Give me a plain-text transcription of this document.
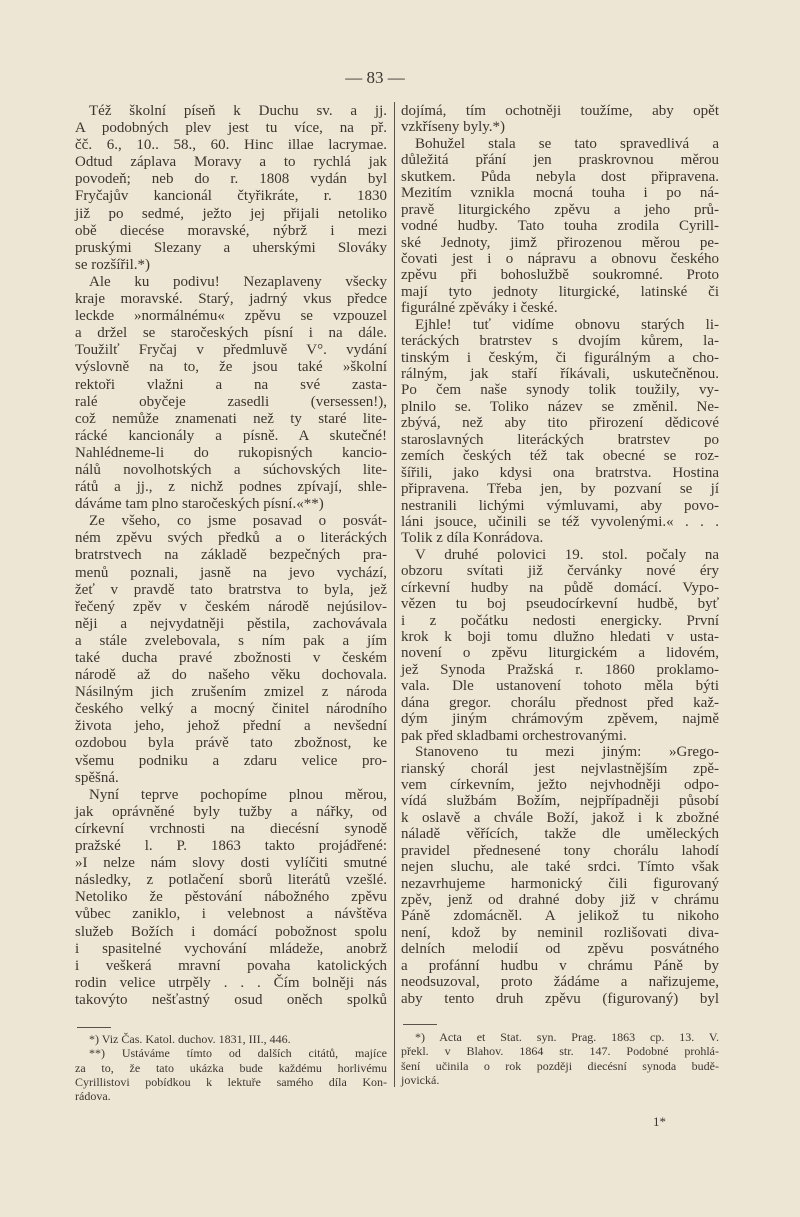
— 83 —
Též školní píseň k Duchu sv. a jj.
A podobných plev jest tu více, na př.
čč. 6., 10.. 58., 60. Hinc illae lacrymae.
Odtud záplava Moravy a to rychlá jak
povodeň; neb do r. 1808 vydán byl
Fryčajův kancionál čtyřikráte, r. 1830
již po sedmé, ježto jej přijali netoliko
obě diecése moravské, nýbrž i mezi
pruskými Slezany a uherskými Slováky
se rozšířil.*)
Ale ku podivu! Nezaplaveny všecky
kraje moravské. Starý, jadrný vkus předce
leckde »normálnému« zpěvu se vzpouzel
a držel se staročeských písní i na dále.
Toužilť Fryčaj v předmluvě V°. vydání
výslovně na to, že jsou také »školní
rektoři vlažni a na své zasta-
ralé obyčeje zasedli (versessen!),
což nemůže znamenati než ty staré lite-
rácké kancionály a písně. A skutečné!
Nahlédneme-li do rukopisných kancio-
nálů novolhotských a súchovských lite-
rátů a jj., z nichž podnes zpívají, shle-
dáváme tam plno staročeských písní.«**)
Ze všeho, co jsme posavad o posvát-
ném zpěvu svých předků a o literáckých
bratrstvech na základě bezpečných pra-
menů poznali, jasně na jevo vychází,
žeť v pravdě tato bratrstva to byla, jež
řečený zpěv v českém národě nejúsilov-
něji a nejvydatněji pěstila, zachovávala
a stále zvelebovala, s ním pak a jím
také ducha pravé zbožnosti v českém
národě až do našeho věku dochovala.
Násilným jich zrušením zmizel z národa
českého velký a mocný činitel národního
života jeho, jehož přední a nevšední
ozdobou byla právě tato zbožnost, ke
všemu podniku a zdaru velice pro-
spěšná.
Nyní teprve pochopíme plnou měrou,
jak oprávněné byly tužby a nářky, od
církevní vrchnosti na diecésní synodě
pražské l. P. 1863 takto projádřené:
»I nelze nám slovy dosti vylíčiti smutné
následky, z potlačení sborů literátů vzešlé.
Netoliko že pěstování nábožného zpěvu
vůbec zaniklo, i velebnost a návštěva
služeb Božích i domácí pobožnost spolu
i spasitelné vychování mládeže, anobrž
i veškerá mravní povaha katolických
rodin velice utrpěly . . . Čím bolněji nás
takovýto nešťastný osud oněch spolků
dojímá, tím ochotněji toužíme, aby opět
vzkříseny byly.*)
Bohužel stala se tato spravedlivá a
důležitá přání jen praskrovnou měrou
skutkem. Půda nebyla dost připravena.
Mezitím vznikla mocná touha i po ná-
pravě liturgického zpěvu a jeho prů-
vodné hudby. Tato touha zrodila Cyrill-
ské Jednoty, jimž přirozenou měrou pe-
čovati jest i o nápravu a obnovu českého
zpěvu při bohoslužbě soukromné. Proto
mají tyto jednoty liturgické, latinské či
figurálné zpěváky i české.
Ejhle! tuť vidíme obnovu starých li-
teráckých bratrstev s dvojím kůrem, la-
tinským i českým, či figurálným a cho-
rálným, jak staří říkávali, uskutečněnou.
Po čem naše synody tolik toužily, vy-
plnilo se. Toliko název se změnil. Ne-
zbývá, než aby tito přirození dědicové
staroslavných literáckých bratrstev po
zemích českých též tak obecné se roz-
šířili, jako kdysi ona bratrstva. Hostina
připravena. Třeba jen, by pozvaní se jí
nestranili lichými výmluvami, aby povo-
láni jsouce, učinili se též vyvolenými.« . . .
Tolik z díla Konrádova.
V druhé polovici 19. stol. počaly na
obzoru svítati již červánky nové éry
církevní hudby na půdě domácí. Vypo-
vězen tu boj pseudocírkevní hudbě, byť
i z počátku nedosti energicky. První
krok k boji tomu dlužno hledati v usta-
novení o zpěvu liturgickém a lidovém,
jež Synoda Pražská r. 1860 proklamo-
vala. Dle ustanovení tohoto měla býti
dána gregor. chorálu přednost před kaž-
dým jiným chrámovým zpěvem, najmě
pak před skladbami orchestrovanými.
Stanoveno tu mezi jiným: »Grego-
rianský chorál jest nejvlastnějším zpě-
vem církevním, ježto nejvhodněji odpo-
vídá službám Božím, nejpřípadněji působí
k oslavě a chvále Boží, jakož i k zbožné
náladě věřících, takže dle uměleckých
pravidel přednesené tony chorálu lahodí
nejen sluchu, ale také srdci. Tímto však
nezavrhujeme harmonický čili figurovaný
zpěv, jenž od drahné doby již v chrámu
Páně zdomácněl. A jelikož tu nikoho
není, kdož by neminil rozlišovati diva-
delních melodií od zpěvu posvátného
a profánní hudbu v chrámu Páně by
neodsuzoval, proto žádáme a nařizujeme,
aby tento druh zpěvu (figurovaný) byl
*) Viz Čas. Katol. duchov. 1831, III., 446.
**) Ustáváme tímto od dalších citátů, majíce
za to, že tato ukázka bude každému horlivému
Cyrillistovi pobídkou k lektuře samého díla Kon-
rádova.
*) Acta et Stat. syn. Prag. 1863 cp. 13. V.
překl. v Blahov. 1864 str. 147. Podobné prohlá-
šení učinila o rok později diecésní synoda budě-
jovická.
1*
